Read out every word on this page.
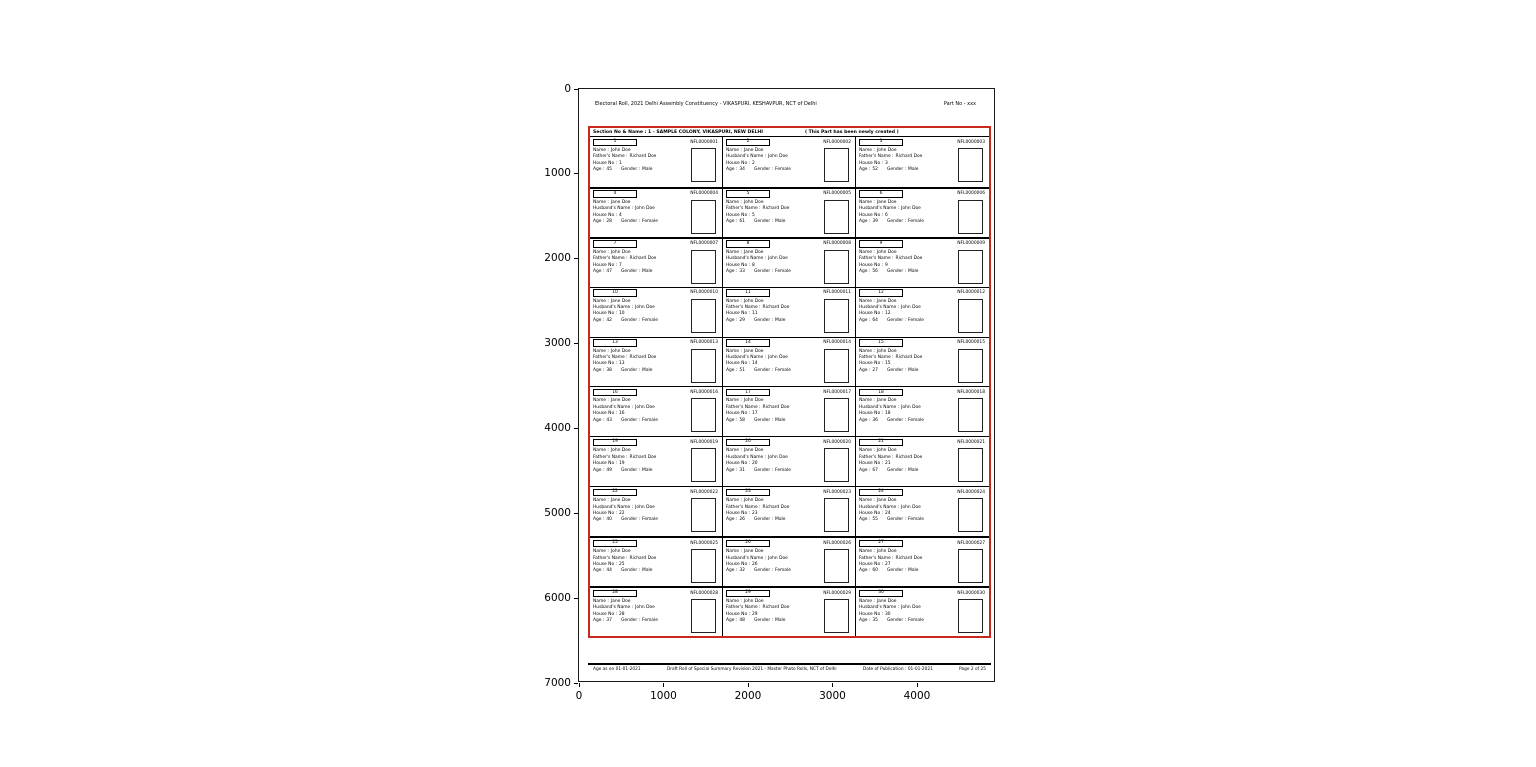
Electoral Roll, 2021 Delhi Assembly Constituency - VIKASPURI, KESHAVPUR, NCT of Delhi	Part No - xxx
Section No & Name : 1 - SAMPLE COLONY, VIKASPURI, NEW DELHI	( This Part has been newly created )
1	NFL0000001
Name : John Doe
Father's Name : Richard Doe
House No : 1
Age : 45 Gender : Male
2	NFL0000002
Name : Jane Doe
Husband's Name : John Doe
House No : 2
Age : 34 Gender : Female
3	NFL0000003
Name : John Doe
Father's Name : Richard Doe
House No : 3
Age : 52 Gender : Male
4	NFL0000004
Name : Jane Doe
Husband's Name : John Doe
House No : 4
Age : 28 Gender : Female
5	NFL0000005
Name : John Doe
Father's Name : Richard Doe
House No : 5
Age : 61 Gender : Male
6	NFL0000006
Name : Jane Doe
Husband's Name : John Doe
House No : 6
Age : 39 Gender : Female
7	NFL0000007
Name : John Doe
Father's Name : Richard Doe
House No : 7
Age : 47 Gender : Male
8	NFL0000008
Name : Jane Doe
Husband's Name : John Doe
House No : 8
Age : 33 Gender : Female
9	NFL0000009
Name : John Doe
Father's Name : Richard Doe
House No : 9
Age : 56 Gender : Male
10	NFL0000010
Name : Jane Doe
Husband's Name : John Doe
House No : 10
Age : 42 Gender : Female
11	NFL0000011
Name : John Doe
Father's Name : Richard Doe
House No : 11
Age : 29 Gender : Male
12	NFL0000012
Name : Jane Doe
Husband's Name : John Doe
House No : 12
Age : 64 Gender : Female
13	NFL0000013
Name : John Doe
Father's Name : Richard Doe
House No : 13
Age : 38 Gender : Male
14	NFL0000014
Name : Jane Doe
Husband's Name : John Doe
House No : 14
Age : 51 Gender : Female
15	NFL0000015
Name : John Doe
Father's Name : Richard Doe
House No : 15
Age : 27 Gender : Male
16	NFL0000016
Name : Jane Doe
Husband's Name : John Doe
House No : 16
Age : 43 Gender : Female
17	NFL0000017
Name : John Doe
Father's Name : Richard Doe
House No : 17
Age : 58 Gender : Male
18	NFL0000018
Name : Jane Doe
Husband's Name : John Doe
House No : 18
Age : 36 Gender : Female
19	NFL0000019
Name : John Doe
Father's Name : Richard Doe
House No : 19
Age : 49 Gender : Male
20	NFL0000020
Name : Jane Doe
Husband's Name : John Doe
House No : 20
Age : 31 Gender : Female
21	NFL0000021
Name : John Doe
Father's Name : Richard Doe
House No : 21
Age : 67 Gender : Male
22	NFL0000022
Name : Jane Doe
Husband's Name : John Doe
House No : 22
Age : 40 Gender : Female
23	NFL0000023
Name : John Doe
Father's Name : Richard Doe
House No : 23
Age : 26 Gender : Male
24	NFL0000024
Name : Jane Doe
Husband's Name : John Doe
House No : 24
Age : 55 Gender : Female
25	NFL0000025
Name : John Doe
Father's Name : Richard Doe
House No : 25
Age : 44 Gender : Male
26	NFL0000026
Name : Jane Doe
Husband's Name : John Doe
House No : 26
Age : 32 Gender : Female
27	NFL0000027
Name : John Doe
Father's Name : Richard Doe
House No : 27
Age : 60 Gender : Male
28	NFL0000028
Name : Jane Doe
Husband's Name : John Doe
House No : 28
Age : 37 Gender : Female
29	NFL0000029
Name : John Doe
Father's Name : Richard Doe
House No : 29
Age : 48 Gender : Male
30	NFL0000030
Name : Jane Doe
Husband's Name : John Doe
House No : 30
Age : 35 Gender : Female
Age as on 01-01-2021	Draft Roll of Special Summary Revision 2021 - Master Photo Rolls, NCT of Delhi	Date of Publication : 01-01-2021	Page 2 of 25
0
1000
2000
3000
4000
5000
6000
7000
0	1000	2000	3000	4000
